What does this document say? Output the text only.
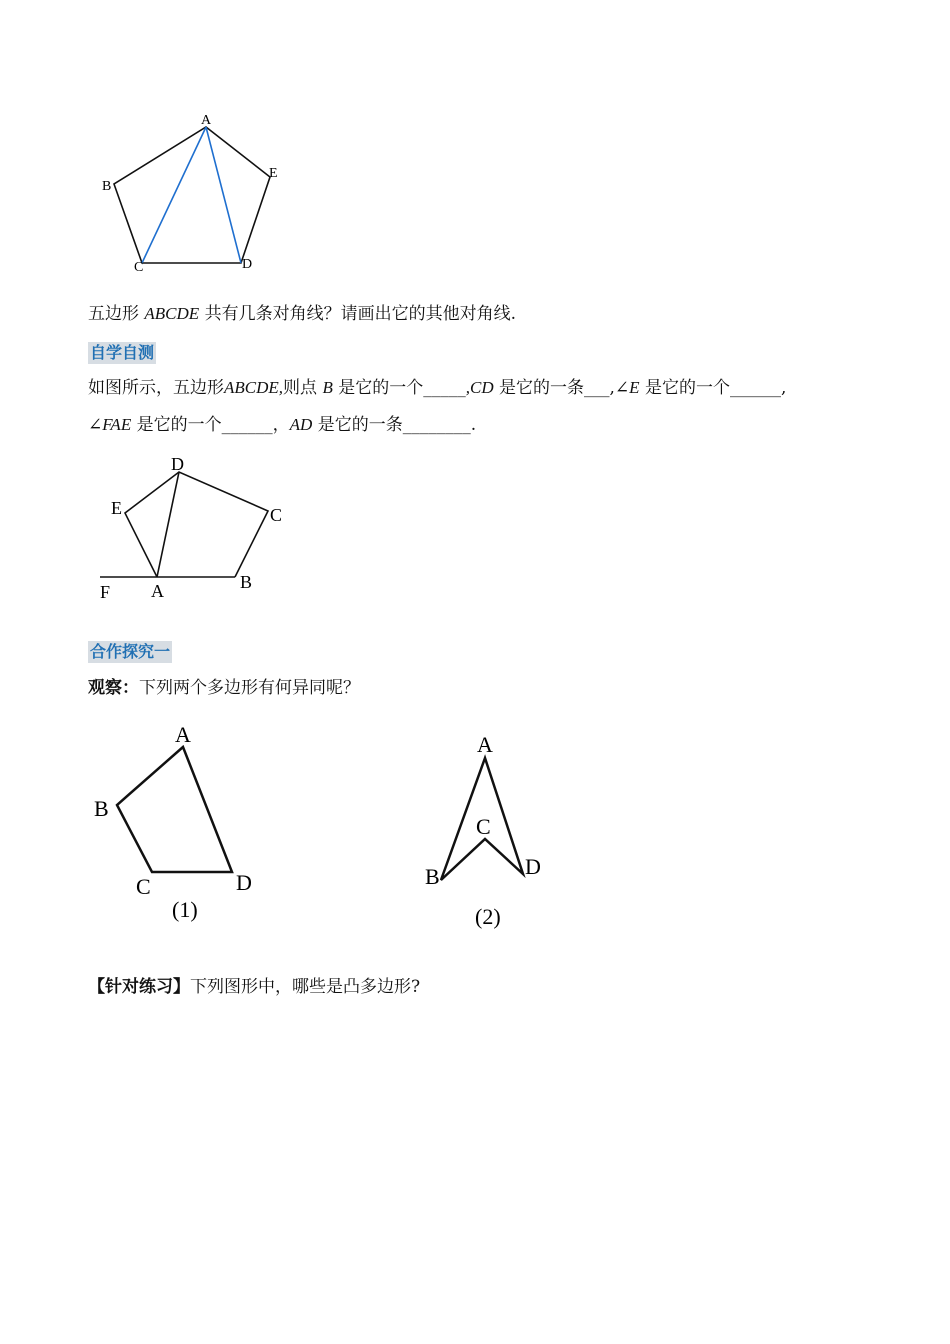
A
B
C	D
E
五边形 ABCDE 共有几条对角线？请画出它的其他对角线.
自学自测
如图所示，五边形ABCDE,则点 B 是它的一个_____,CD 是它的一条___,∠E 是它的一个______,
∠FAE 是它的一个______，AD 是它的一条________.
D
E	C
F A	B
合作探究一
观察：下列两个多边形有何异同呢？
A
B
C	D
(1)
A
C
B	D
(2)
【针对练习】下列图形中，哪些是凸多边形?
